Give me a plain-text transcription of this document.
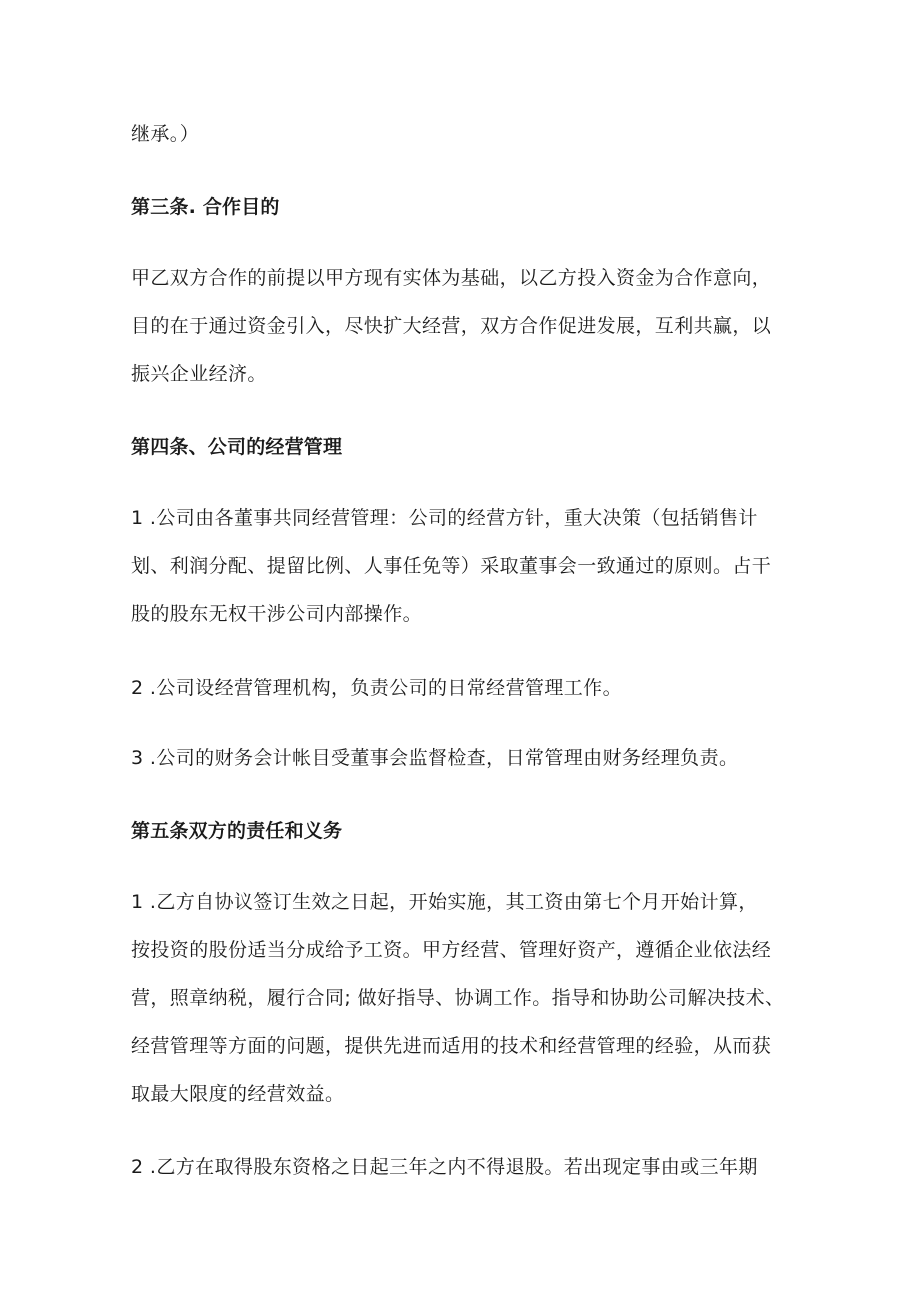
继承。）
第三条. 合作目的
甲乙双方合作的前提以甲方现有实体为基础，以乙方投入资金为合作意向，
目的在于通过资金引入，尽快扩大经营，双方合作促进发展，互利共赢，以
振兴企业经济。
第四条、公司的经营管理
1 .公司由各董事共同经营管理：公司的经营方针，重大决策（包括销售计
划、利润分配、提留比例、人事任免等）采取董事会一致通过的原则。占干
股的股东无权干涉公司内部操作。
2 .公司设经营管理机构，负责公司的日常经营管理工作。
3 .公司的财务会计帐目受董事会监督检查，日常管理由财务经理负责。
第五条双方的责任和义务
1 .乙方自协议签订生效之日起，开始实施，其工资由第七个月开始计算，
按投资的股份适当分成给予工资。甲方经营、管理好资产，遵循企业依法经
营，照章纳税，履行合同; 做好指导、协调工作。指导和协助公司解决技术、
经营管理等方面的问题，提供先进而适用的技术和经营管理的经验，从而获
取最大限度的经营效益。
2 .乙方在取得股东资格之日起三年之内不得退股。若出现定事由或三年期
